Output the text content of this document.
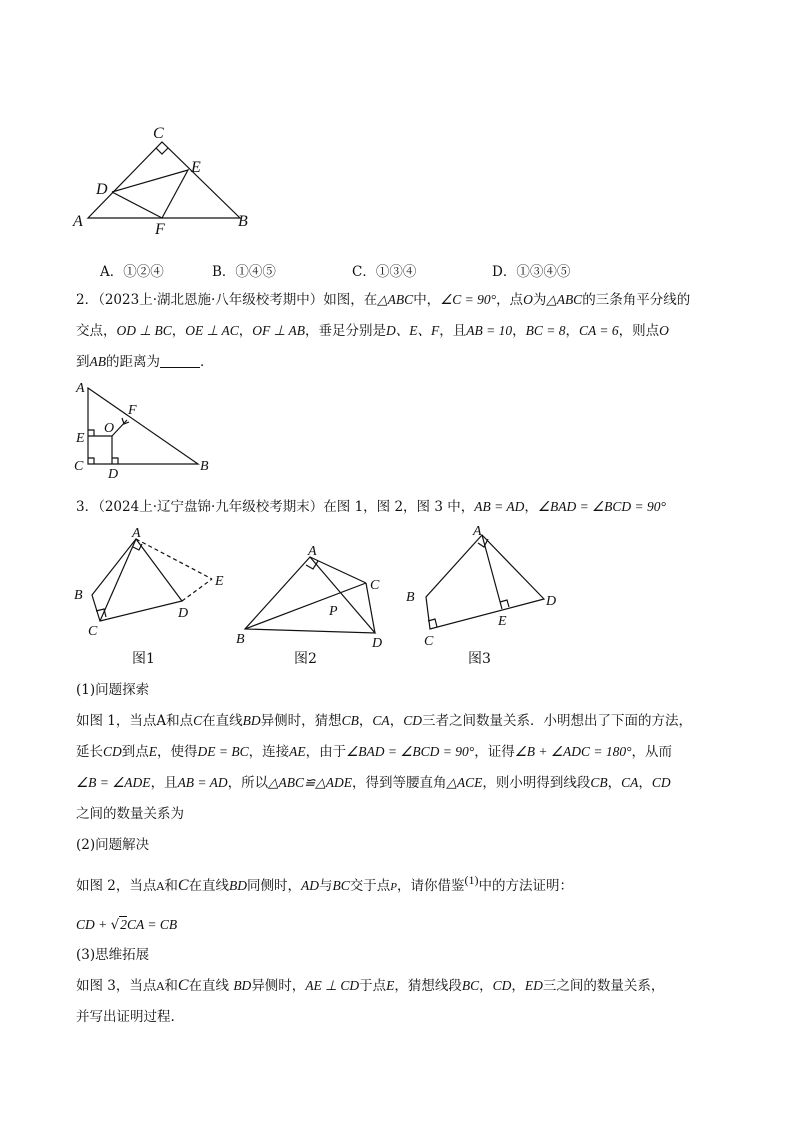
C
E
D
A	B
F
A．①②④	B．①④⑤	C．①③④	D．①③④⑤
2．（2023上·湖北恩施·八年级校考期中）如图，在△ABC中，∠C = 90°，点O为△ABC的三条角平分线的
交点，OD ⊥ BC，OE ⊥ AC，OF ⊥ AB，垂足分别是D、E、F，且AB = 10，BC = 8，CA = 6，则点O
到AB的距离为	．
A
F
O
E
C
D
B
3．（2024上·辽宁盘锦·九年级校考期末）在图 1，图 2，图 3 中，AB = AD，∠BAD = ∠BCD = 90°
A
B
C
D
E
图1
A
C
B	D
P
图2
A
B
C
D
E
图3
(1)问题探索
如图 1，当点A和点C在直线BD异侧时，猜想CB，CA，CD三者之间数量关系．小明想出了下面的方法，
延长CD到点E，使得DE = BC，连接AE，由于∠BAD = ∠BCD = 90°，证得∠B + ∠ADC = 180°，从而
∠B = ∠ADE，且AB = AD，所以△ABC≌△ADE，得到等腰直角△ACE，则小明得到线段CB，CA，CD
之间的数量关系为
(2)问题解决
如图 2，当点A和C在直线BD同侧时，AD与BC交于点P，请你借鉴(1)中的方法证明：
CD + √2CA = CB
(3)思维拓展
如图 3，当点A和C在直线 BD异侧时，AE ⊥ CD于点E，猜想线段BC，CD，ED三之间的数量关系，
并写出证明过程.
